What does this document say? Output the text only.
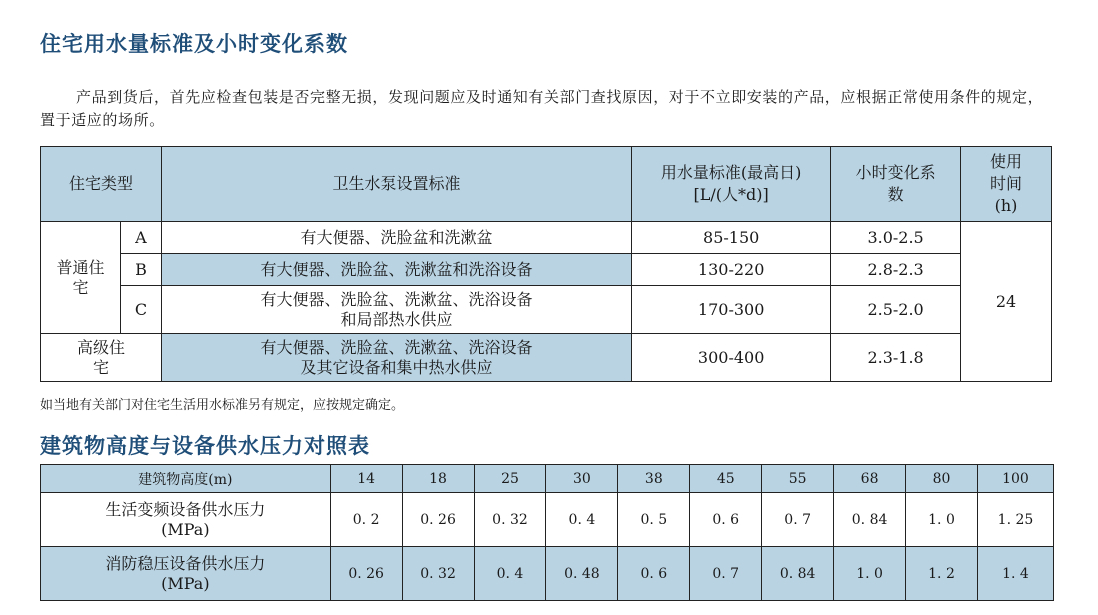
住宅用水量标准及小时变化系数

产品到货后，首先应检查包装是否完整无损，发现问题应及时通知有关部门查找原因，对于不立即安装的产品，应根据正常使用条件的规定，置于适应的场所。

住宅类型		卫生水泵设置标准	用水量标准(最高日)[L/(人*d)]	小时变化系数	使用时间(h)

普通住宅	A	有大便器、洗脸盆和洗漱盆	85-150	3.0-2.5	24
	B	有大便器、洗脸盆、洗漱盆和洗浴设备	130-220	2.8-2.3	
	C	有大便器、洗脸盆、洗漱盆、洗浴设备
和局部热水供应	170-300	2.5-2.0	

高级住宅		有大便器、洗脸盆、洗漱盆、洗浴设备
及其它设备和集中热水供应	300-400	2.3-1.8	

如当地有关部门对住宅生活用水标准另有规定，应按规定确定。

建筑物高度与设备供水压力对照表
建筑物高度(m)	14	18	25	30	38	45	55	68	80	100

生活变频设备供水压力
(MPa)	0. 2	0. 26	0. 32	0. 4	0. 5	0. 6	0. 7	0. 84	1. 0	1. 25

消防稳压设备供水压力
(MPa)	0. 26	0. 32	0. 4	0. 48	0. 6	0. 7	0. 84	1. 0	1. 2	1. 4
